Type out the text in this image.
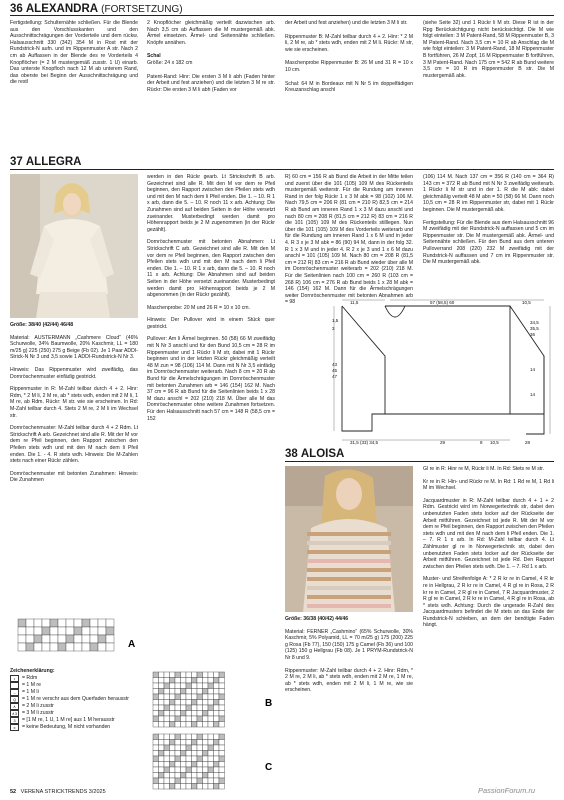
36 ALEXANDRA (FORTSETZUNG)

Fertigstellung: Schulternähte schließen. Für die Blende aus den Vorschlusskanten und den Ausschnittschrägungen der Vorderteile und dem rückw. Halsausschnitt 330 (342) 354 M in Rost mit der Rundstrick-N aufn. und im Rippenmuster A str. Nach 2 cm ab Auffassen in der Blende des re Vorderteils 4 Knopflöcher (= 2 M mustergemäß zusstr. 1 U) einarb. Das unterste Knopfloch nach 12 M ab unterem Rand, das oberste bei Beginn der Ausschnittschrägung und die restl

2 Knopflöcher gleichmäßig verteilt dazwischen arb. Nach 3,5 cm ab Auffassen die M mustergemäß abk. Ärmel einsetzen. Ärmel- und Seitennähte schließen. Knöpfe annähen.

Schal

Größe: 24 x 182 cm

Patent-Rand: Hinr: Die ersten 3 M li abh (Faden hinter der Arbeit und fest anziehen) und die letzten 3 M re str. Rückr: Die ersten 3 M li abh (Faden vor

der Arbeit und fest anziehen) und die letzten 3 M li str.

Rippenmuster B: M-Zahl teilbar durch 4 + 2. Hinr: * 2 M li, 2 M re, ab * stets wdh, enden mit 2 M li. Rückr: M str, wie sie erscheinen.

Maschenprobe Rippenmuster B: 26 M und 31 R = 10 x 10 cm.

Schal: 64 M in Bordeaux mit N Nr 5 im doppelfädigen Kreuzanschlag anschl

(siehe Seite 32) und 1 Rückr li M str. Diese R ist in der Rpg Berücksichtigung nicht berücksichtigt. Die M wie folgt einteilen: 3 M Patent-Rand, 58 M Rippenmuster B, 3 M Patent-Rand. Nach 3,5 cm = 10 R ab Anschlag die M wie folgt einteilen: 3 M Patent-Rand, 18 M Rippenmuster B fortführen, 26 M Zopf, 16 M Rippenmuster B fortführen, 3 M Patent-Rand. Nach 175 cm = 542 R ab Bund weitere 3,5 cm = 10 R im Rippenmuster B str. Die M mustergemäß abk.

37 ALLEGRA

Größe: 38/40 (42/44) 46/48

Material: AUSTERMANN „Cashmere Cloud“ (46% Schurwolle, 34% Baumwolle, 20% Kaschmir, LL = 180 m/25 g) 225 (250) 275 g Beige (Fb 02). Je 1 Paar ADDI-Strick-N Nr 3 und 3,5 sowie 1 ADDI-Rundstrick-N Nr 3.

Hinweis: Das Rippenmuster wird zweifädig, das Dornröschenmuster einfädig gestrickt.

Rippenmuster in R: M-Zahl teilbar durch 4 + 2. Hinr: Rdm, * 2 M li, 2 M re, ab * stets wdh, enden mit 2 M li, 1 M re, ab Rdm. Rückr: M str. wie sie erscheinen. In Rd: M-Zahl teilbar durch 4. Stets 2 M re, 2 M li im Wechsel str.

Dornröschenmuster: M-Zahl teilbar durch 4 + 2 Rdm. Lt Strickschrift A arb. Gezeichnet sind alle R. Mit der M vor dem re Pfeil beginnen, den Rapport zwischen den Pfeilen stets wdh und mit den M nach dem li Pfeil enden. Die 1. - 4. R stets wdh. Hinweis: Die M-Zahlen stets nach einer Rückr zählen.

Dornröschenmuster mit betonten Zunahmen: Hinweis: Die Zunahmen

A

Zeichenerklärung:

•	= Rdm
= 1 M re
–	= 1 M li
Q	= 1 M re verschr aus dem Querfaden herausstr
∧	= 2 M li zusstr
∧3 = 3 M li zusstr
3	= [1 M re, 1 U, 1 M re] aus 1 M herausstr
x	= keine Bedeutung, M nicht vorhanden

werden in den Rückr gearb. Lt Strickschrift B arb. Gezeichnet sind alle R. Mit den M vor dem re Pfeil beginnen, den Rapport zwischen den Pfeilen stets wdh und mit den M nach dem li Pfeil enden. Die 1. – 10. R 1 x arb, dann die 5. – 10. R noch 11 x arb. Achtung: Die Zunahmen sind auf beiden Seiten in der Höhe versetzt zueinander. Musterbedingt werden damit pro Höhenrapport beids je 2 M zugenommen (in der Rückr gezählt).

Dornröschenmuster mit betonten Abnahmen: Lt Strickschrift C arb. Gezeichnet sind alle R. Mit den M vor dem re Pfeil beginnen, den Rapport zwischen den Pfeilen stets wdh und mit den M nach dem li Pfeil enden. Die 1. – 10. R 1 x arb, dann die 5. – 10. R noch 11 x arb. Achtung: Die Abnahmen sind auf beiden Seiten in der Höhe versetzt zueinander. Musterbedingt werden damit pro Höhenrapport beids je 2 M abgenommen (in der Rückr gezählt).

Maschenprobe: 20 M und 26 R = 10 x 10 cm.

Hinweis: Der Pullover wird in einem Stück quer gestrickt.

Pullover: Am li Ärmel beginnen. 50 (58) 66 M zweifädig mit N Nr 3 anschl und für den Bund 10,5 cm = 28 R im Rippenmuster und 1 Rückr li M str, dabei mit 1 Rückr beginnen und in der letzten Rückr gleichmäßig verteilt 48 M zun = 98 (106) 114 M. Dann mit N Nr 3,5 einfädig im Dornröschenmuster weiterarb. Nach 8 cm = 20 R ab Bund für die Ärmelschrägungen im Dornröschenmuster mit betonten Zunahmen arb = 146 (154) 162 M. Nach 37 cm = 96 R ab Bund für die Seitenlinien beids 1 x 28 M dazu anschl = 202 (210) 218 M. Über alle M das Dornröschenmuster ohne weitere Zunahmen fortsetzen. Für den Halsausschnitt nach 57 cm = 148 R (58,5 cm = 152

B
C

R) 60 cm = 156 R ab Bund die Arbeit in der Mitte teilen und zuerst über die 101 (105) 109 M des Rückenteils mustergemäß weiterstr. Für die Rundung am inneren Rand in der folg Rückr 1 x 3 M abk = 98 (102) 106 M. Nach 79,5 cm = 206 R (81 cm = 210 R) 82,5 cm = 214 R ab Bund am inneren Rand 1 x 3 M dazu anschl und nach 80 cm = 208 R (81,5 cm = 212 R) 83 cm = 216 R die 101 (105) 109 M des Rückenteils stilllegen. Nun über die 101 (105) 109 M des Vorderteils weiterarb und für die Rundung am inneren Rand 1 x 6 M und in jeder 4. R 3 x je 3 M abk = 86 (90) 94 M, dann in der folg 32. R 1 x 3 M und in jeder 4. R 2 x je 3 und 1 x 6 M dazu anschl = 101 (105) 109 M. Nach 80 cm = 208 R (81,5 cm = 212 R) 83 cm = 216 R ab Bund wieder über alle M im Dornröschenmuster weiterarb = 202 (210) 218 M. Für die Seitenlinien nach 100 cm = 260 R (103 cm = 268 R) 106 cm = 276 R ab Bund beids 1 x 28 M abk = 146 (154) 162 M. Dann für die Ärmelschrägungen weiter Dornröschenmuster mit betonten Abnahmen arb = 98

(106) 114 M. Nach 137 cm = 356 R (140 cm = 364 R) 143 cm = 372 R ab Bund mit N Nr 3 zweifädig weiterarb. 1 Rückr li M str und in der 1. R die M abk: dabei gleichmäßig verteilt 48 M abn = 50 (58) 66 M. Dann noch 10,5 cm = 28 R im Rippenmuster str, dabei mit 1 Rückr beginnen. Die M mustergemäß abk.

Fertigstellung: Für die Blende aus dem Halsausschnitt 96 M zweifädig mit der Rundstrick-N auffassen und 5 cm im Rippenmuster str. Die M mustergemäß abk. Ärmel- und Seitennähte schließen. Für den Bund aus dem unteren Pulloverrand 208 (220) 232 M zweifädig mit der Rundstrick-N auffassen und 7 cm im Rippenmuster str. Die M mustergemäß abk.

11,5
1,5
3
57 (58,5) 60	10,5
34,5
35,5
36
43
45
47
14
14
31,5 (33) 34,5	29	8 10,5	28
38 ALOISA

Größe: 36/38 (40/42) 44/46

Material: FERNER „Cashmino“ (65% Schurwolle, 30% Kaschmir, 5% Polyamid, LL = 70 m/25 g) 175 (200) 225 g Rosa (Fb 77), 150 (150) 175 g Camel (Fb 36) und 100 (125) 150 g Hellgrau (Fb 08). Je 1 PRYM-Rundstrick-N Nr 8 und 9.

Rippenmuster: M-Zahl teilbar durch 4 + 2. Hinr: Rdm, * 2 M re, 2 M li, ab * stets wdh, enden mit 2 M re, 1 M re, ab * stets wdh, enden mit 2 M li, 1 M re, wie sie erscheinen.

Gl re in R: Hinr re M, Rückr li M. In Rd: Stets re M str.

Kr re in R: Hin- und Rückr re M. In Rd: 1 Rd re M, 1 Rd li M im Wechsel.

Jacquardmuster in R: M-Zahl teilbar durch 4 + 1 + 2 Rdm. Gestrickt wird im Norwegertechnik str, dabei den unbenutzten Faden stets locker auf der Rückseite der Arbeit mitführen. Gezeichnet ist jede R. Mit der M vor dem re Pfeil beginnen, den Rapport zwischen den Pfeilen stets wdh und mit den M nach dem li Pfeil enden. Die 1. – 7. R 1 x arb. In Rd: M-Zahl teilbar durch 4. Lt Zählmuster gl re in Norwegertechnik str, dabei den unbenutzten Faden stets locker auf der Rückseite der Arbeit mitführen. Gezeichnet ist jede Rd. Den Rapport zwischen den Pfeilen stets wdh. Die 1. – 7. Rd 1 x arb.

Muster- und Streifenfolge A: * 2 R kr re in Camel, 4 R kr re in Hellgrau, 2 R kr re in Camel, 4 R gl re in Rosa, 2 R kr re in Camel, 2 R gl re in Camel, 7 R Jacquardmuster, 2 R gl re in Camel, 2 R kr re in Camel, 4 R gl re in Rosa, ab * stets wdh. Achtung: Durch die ungerade R-Zahl des Jacquardmusters befindet die M stets an das Ende der Rundstrick-N schieben, an dem der benötigte Faden hängt.

52 VERENA STRICKTRENDS 3/2025	PassionForum.ru
